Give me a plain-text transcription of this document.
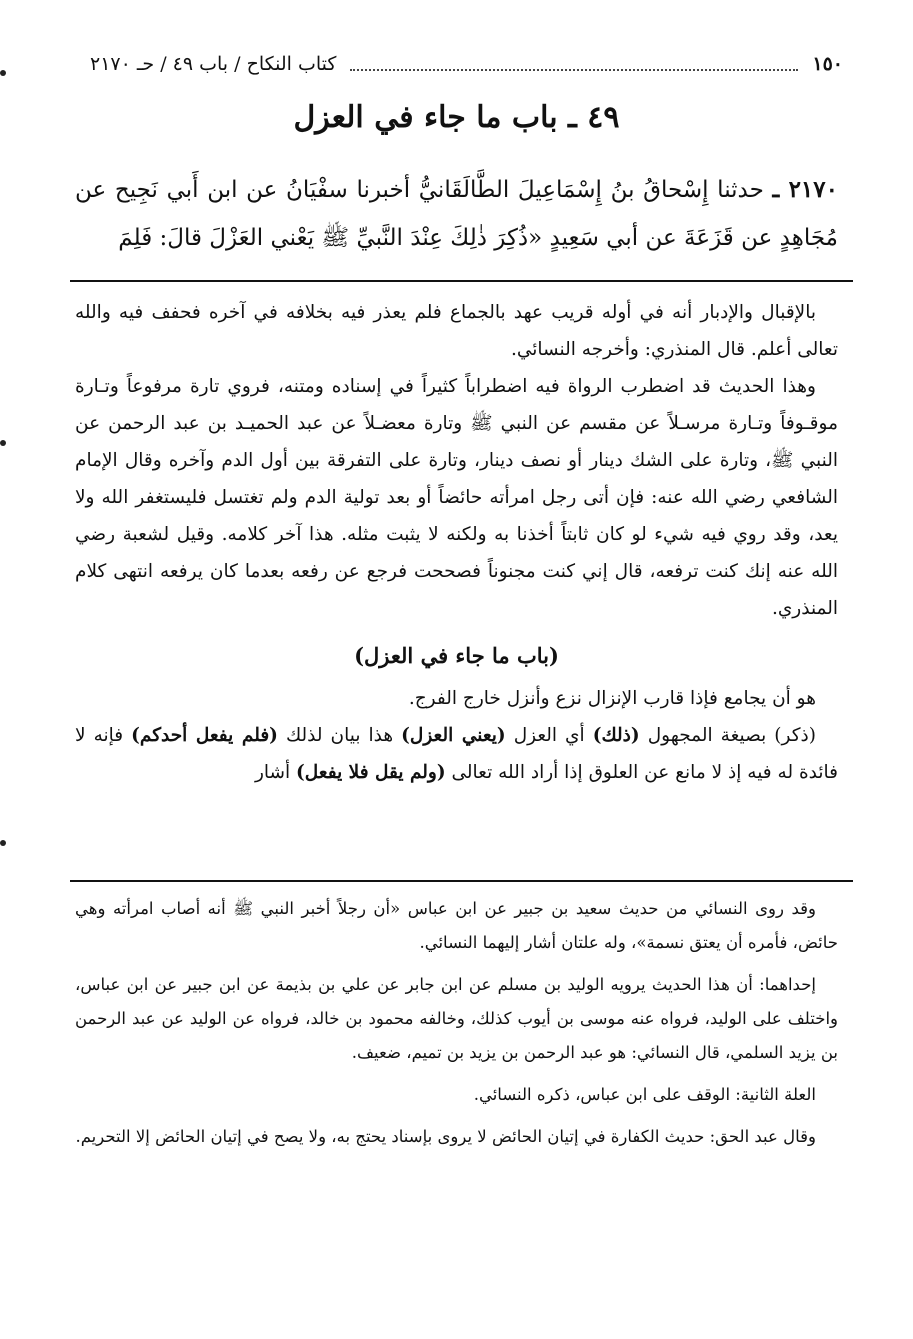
١٥٠
كتاب النكاح / باب ٤٩ / حـ ٢١٧٠
٤٩ ـ باب ما جاء في العزل
٢١٧٠ ـ حدثنا إِسْحاقُ بنُ إِسْمَاعِيلَ الطَّالَقَانيُّ أخبرنا سفْيَانُ عن ابن أَبي نَجِيح عن مُجَاهِدٍ عن قَزَعَةَ عن أبي سَعِيدٍ «ذُكِرَ ذٰلِكَ عِنْدَ النَّبيِّ ﷺ يَعْني العَزْلَ قالَ: فَلِمَ

بالإقبال والإدبار أنه في أوله قريب عهد بالجماع فلم يعذر فيه بخلافه في آخره فحفف فيه والله تعالى أعلم. قال المنذري: وأخرجه النسائي.

وهذا الحديث قد اضطرب الرواة فيه اضطراباً كثيراً في إسناده ومتنه، فروي تارة مرفوعاً وتـارة موقـوفاً وتـارة مرسـلاً عن مقسم عن النبي ﷺ وتارة معضـلاً عن عبد الحميـد بن عبد الرحمن عن النبي ﷺ، وتارة على الشك دينار أو نصف دينار، وتارة على التفرقة بين أول الدم وآخره وقال الإمام الشافعي رضي الله عنه: فإن أتى رجل امرأته حائضاً أو بعد تولية الدم ولم تغتسل فليستغفر الله ولا يعد، وقد روي فيه شيء لو كان ثابتاً أخذنا به ولكنه لا يثبت مثله. هذا آخر كلامه. وقيل لشعبة رضي الله عنه إنك كنت ترفعه، قال إني كنت مجنوناً فصححت فرجع عن رفعه بعدما كان يرفعه انتهى كلام المنذري.

(باب ما جاء في العزل)

هو أن يجامع فإذا قارب الإنزال نزع وأنزل خارج الفرج.

(ذكر) بصيغة المجهول (ذلك) أي العزل (يعني العزل) هذا بيان لذلك (فلم يفعل أحدكم) فإنه لا فائدة له فيه إذ لا مانع عن العلوق إذا أراد الله تعالى (ولم يقل فلا يفعل) أشار

وقد روى النسائي من حديث سعيد بن جبير عن ابن عباس «أن رجلاً أخبر النبي ﷺ أنه أصاب امرأته وهي حائض، فأمره أن يعتق نسمة»، وله علتان أشار إليهما النسائي.

إحداهما: أن هذا الحديث يرويه الوليد بن مسلم عن ابن جابر عن علي بن بذيمة عن ابن جبير عن ابن عباس، واختلف على الوليد، فرواه عنه موسى بن أيوب كذلك، وخالفه محمود بن خالد، فرواه عن الوليد عن عبد الرحمن بن يزيد السلمي، قال النسائي: هو عبد الرحمن بن يزيد بن تميم، ضعيف.

العلة الثانية: الوقف على ابن عباس، ذكره النسائي.

وقال عبد الحق: حديث الكفارة في إتيان الحائض لا يروى بإسناد يحتج به، ولا يصح في إتيان الحائض إلا التحريم.
